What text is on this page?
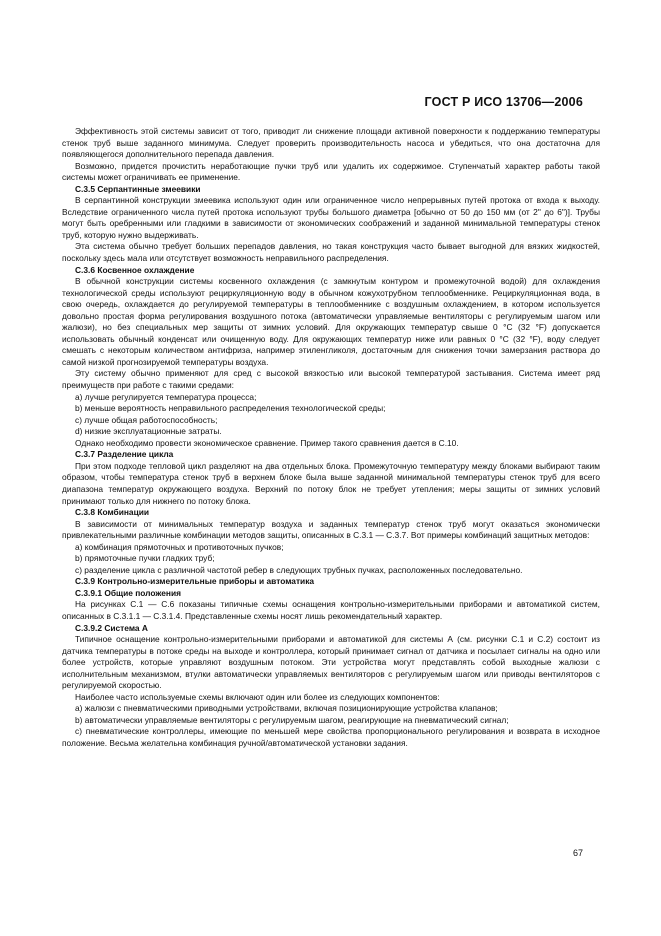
ГОСТ Р ИСО 13706—2006

Эффективность этой системы зависит от того, приводит ли снижение площади активной поверхности к поддержанию температуры стенок труб выше заданного минимума. Следует проверить производительность насоса и убедиться, что она достаточна для появляющегося дополнительного перепада давления.

Возможно, придется прочистить неработающие пучки труб или удалить их содержимое. Ступенчатый характер работы такой системы может ограничивать ее применение.

С.3.5 Серпантинные змеевики

В серпантинной конструкции змеевика используют один или ограниченное число непрерывных путей протока от входа к выходу. Вследствие ограниченного числа путей протока используют трубы большого диаметра [обычно от 50 до 150 мм (от 2" до 6")]. Трубы могут быть оребренными или гладкими в зависимости от экономических соображений и заданной минимальной температуры стенок труб, которую нужно выдерживать.

Эта система обычно требует больших перепадов давления, но такая конструкция часто бывает выгодной для вязких жидкостей, поскольку здесь мала или отсутствует возможность неправильного распределения.

С.3.6 Косвенное охлаждение

В обычной конструкции системы косвенного охлаждения (с замкнутым контуром и промежуточной водой) для охлаждения технологической среды используют рециркуляционную воду в обычном кожухотрубном теплообменнике. Рециркуляционная вода, в свою очередь, охлаждается до регулируемой температуры в теплообменнике с воздушным охлаждением, в котором используется довольно простая форма регулирования воздушного потока (автоматически управляемые вентиляторы с регулируемым шагом или жалюзи), но без специальных мер защиты от зимних условий. Для окружающих температур свыше 0 °С (32 °F) допускается использовать обычный конденсат или очищенную воду. Для окружающих температур ниже или равных 0 °С (32 °F), воду следует смешать с некоторым количеством антифриза, например этиленгликоля, достаточным для снижения точки замерзания раствора до самой низкой прогнозируемой температуры воздуха.

Эту систему обычно применяют для сред с высокой вязкостью или высокой температурой застывания. Система имеет ряд преимуществ при работе с такими средами:

a) лучше регулируется температура процесса;

b) меньше вероятность неправильного распределения технологической среды;

c) лучше общая работоспособность;

d) низкие эксплуатационные затраты.

Однако необходимо провести экономическое сравнение. Пример такого сравнения дается в С.10.

С.3.7 Разделение цикла

При этом подходе тепловой цикл разделяют на два отдельных блока. Промежуточную температуру между блоками выбирают таким образом, чтобы температура стенок труб в верхнем блоке была выше заданной минимальной температуры стенок труб для всего диапазона температур окружающего воздуха. Верхний по потоку блок не требует утепления; меры защиты от зимних условий принимают только для нижнего по потоку блока.

С.3.8 Комбинации

В зависимости от минимальных температур воздуха и заданных температур стенок труб могут оказаться экономически привлекательными различные комбинации методов защиты, описанных в С.3.1 — С.3.7. Вот примеры комбинаций защитных методов:

a) комбинация прямоточных и противоточных пучков;

b) прямоточные пучки гладких труб;

c) разделение цикла с различной частотой ребер в следующих трубных пучках, расположенных последовательно.

С.3.9 Контрольно-измерительные приборы и автоматика

С.3.9.1 Общие положения

На рисунках С.1 — С.6 показаны типичные схемы оснащения контрольно-измерительными приборами и автоматикой систем, описанных в С.3.1.1 — С.3.1.4. Представленные схемы носят лишь рекомендательный характер.

С.3.9.2 Система А

Типичное оснащение контрольно-измерительными приборами и автоматикой для системы А (см. рисунки С.1 и С.2) состоит из датчика температуры в потоке среды на выходе и контроллера, который принимает сигнал от датчика и посылает сигналы на одно или более устройств, которые управляют воздушным потоком. Эти устройства могут представлять собой выходные жалюзи с исполнительным механизмом, втулки автоматически управляемых вентиляторов с регулируемым шагом или приводы вентиляторов с регулируемой скоростью.

Наиболее часто используемые схемы включают один или более из следующих компонентов:

a) жалюзи с пневматическими приводными устройствами, включая позиционирующие устройства клапанов;

b) автоматически управляемые вентиляторы с регулируемым шагом, реагирующие на пневматический сигнал;

c) пневматические контроллеры, имеющие по меньшей мере свойства пропорционального регулирования и возврата в исходное положение. Весьма желательна комбинация ручной/автоматической установки задания.

67
